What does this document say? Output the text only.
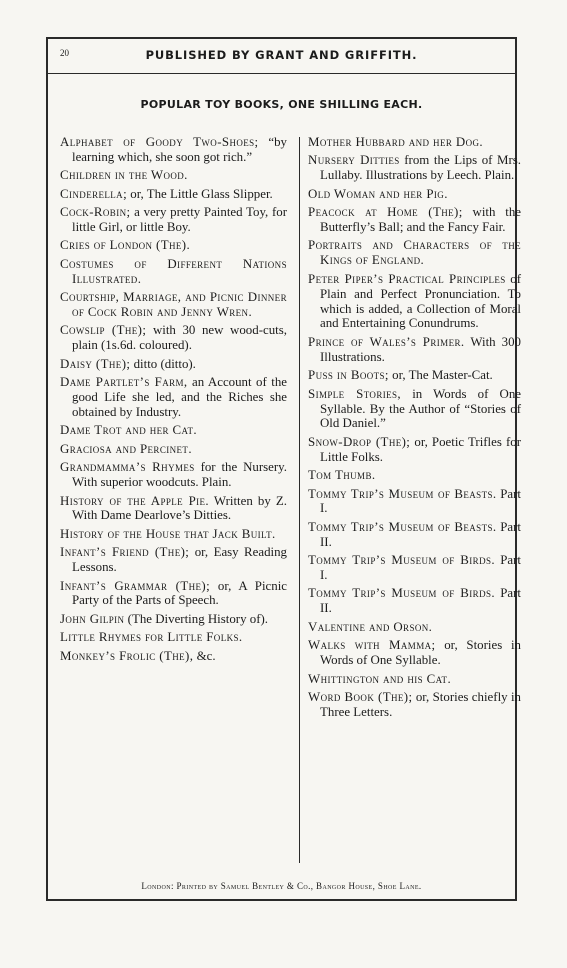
20	PUBLISHED BY GRANT AND GRIFFITH.
POPULAR TOY BOOKS, ONE SHILLING EACH.

Alphabet of Goody Two-Shoes; “by learning which, she soon got rich.”

Children in the Wood.

Cinderella; or, The Little Glass Slipper.

Cock-Robin; a very pretty Painted Toy, for little Girl, or little Boy.

Cries of London (The).

Costumes of Different Nations Illustrated.

Courtship, Marriage, and Picnic Dinner of Cock Robin and Jenny Wren.

Cowslip (The); with 30 new wood-cuts, plain (1s.6d. coloured).

Daisy (The); ditto (ditto).

Dame Partlet’s Farm, an Account of the good Life she led, and the Riches she obtained by Industry.

Dame Trot and her Cat.

Graciosa and Percinet.

Grandmamma’s Rhymes for the Nursery. With superior woodcuts. Plain.

History of the Apple Pie. Written by Z. With Dame Dearlove’s Ditties.

History of the House that Jack Built.

Infant’s Friend (The); or, Easy Reading Lessons.

Infant’s Grammar (The); or, A Picnic Party of the Parts of Speech.

John Gilpin (The Diverting History of).

Little Rhymes for Little Folks.

Monkey’s Frolic (The), &c.

Mother Hubbard and her Dog.

Nursery Ditties from the Lips of Mrs. Lullaby. Illustrations by Leech. Plain.

Old Woman and her Pig.

Peacock at Home (The); with the Butterfly’s Ball; and the Fancy Fair.

Portraits and Characters of the Kings of England.

Peter Piper’s Practical Principles of Plain and Perfect Pronunciation. To which is added, a Collection of Moral and Entertaining Conundrums.

Prince of Wales’s Primer. With 300 Illustrations.

Puss in Boots; or, The Master-Cat.

Simple Stories, in Words of One Syllable. By the Author of “Stories of Old Daniel.”

Snow-Drop (The); or, Poetic Trifles for Little Folks.

Tom Thumb.

Tommy Trip’s Museum of Beasts. Part I.

Tommy Trip’s Museum of Beasts. Part II.

Tommy Trip’s Museum of Birds. Part I.

Tommy Trip’s Museum of Birds. Part II.

Valentine and Orson.

Walks with Mamma; or, Stories in Words of One Syllable.

Whittington and his Cat.

Word Book (The); or, Stories chiefly in Three Letters.

London: Printed by Samuel Bentley & Co., Bangor House, Shoe Lane.
